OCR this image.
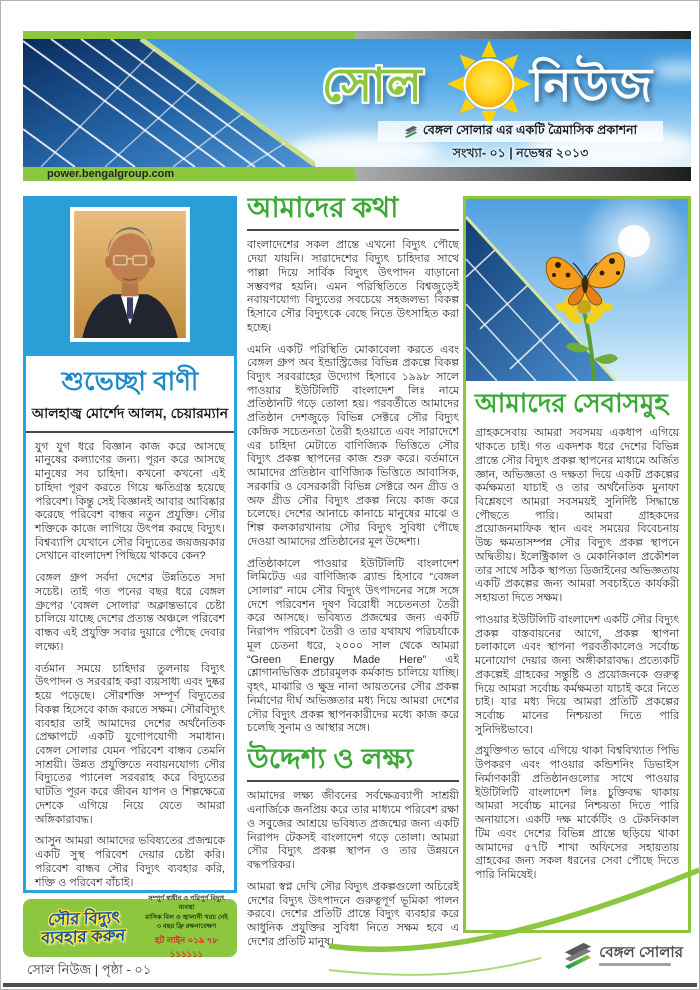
সোল নিউজ
বেঙ্গল সোলার এর একটি ত্রৈমাসিক প্রকাশনা
সংখ্যা- ০১ | নভেম্বর ২০১৩
power.bengalgroup.com
শুভেচ্ছা বাণী
আলহাজ্ব মোর্শেদ আলম, চেয়ারম্যান

যুগ যুগ ধরে বিজ্ঞান কাজ করে আসছে মানুষের কল্যাণের জন্য। পূরন করে আসছে মানুষের সব চাহিদা। কখনো কখনো এই চাহিদা পূরণ করতে গিয়ে ক্ষতিগ্রস্ত হয়েছে পরিবেশ। কিন্তু সেই বিজ্ঞানই আবার আবিষ্কার করেছে পরিবেশ বান্ধব নতুন প্রযুক্তি। সৌর শক্তিকে কাজে লাগিয়ে উৎপন্ন করছে বিদ্যুৎ। বিশ্বব্যাপি যেখানে সৌর বিদ্যুতের জয়জয়কার সেখানে বাংলাদেশ পিছিয়ে থাকবে কেন?

বেঙ্গল গ্রুপ সর্বদা দেশের উন্নতিতে সদা সচেষ্ট। তাই গত পনের বছর ধরে বেঙ্গল গ্রুপের 'বেঙ্গল সোলার' অক্লান্তভাবে চেষ্টা চালিয়ে যাচ্ছে দেশের প্রত্যন্ত অঞ্চলে পরিবেশ বান্ধব এই প্রযুক্তি সবার দুয়ারে পৌছে দেবার লক্ষ্যে।

বর্তমান সময়ে চাহিদার তুলনায় বিদ্যুৎ উৎপাদন ও সরবরাহ করা ব্যয়সাধ্য এবং দুষ্কর হয়ে পড়েছে। সৌরশক্তি সম্পূর্ণ বিদ্যুতের বিকল্প হিসেবে কাজ করতে সক্ষম। সৌরবিদ্যুৎ ব্যবহার তাই আমাদের দেশের অর্থনৈতিক প্রেক্ষাপটে একটি যুগোপযোগী সমাধান। বেঙ্গল সোলার যেমন পরিবেশ বান্ধব তেমনি সাশ্রয়ী। উন্নত প্রযুক্তিতে নবায়নযোগ্য সৌর বিদ্যুতের প্যানেল সরবরাহ করে বিদ্যুতের ঘাটতি পূরন করে জীবন যাপন ও শিল্পক্ষেত্রে দেশকে এগিয়ে নিয়ে যেতে আমরা অঙ্গিকারাবদ্ধ।

আসুন আমরা আমাদের ভবিষ্যতের প্রজন্মকে একটি সুস্থ পরিবেশ দেয়ার চেষ্টা করি। পরিবেশ বান্ধব সৌর বিদ্যুৎ ব্যবহার করি, শক্তি ও পরিবেশ বাঁচাই।

আমাদের কথা

বাংলাদেশের সকল প্রান্তে এখনো বিদ্যুৎ পৌছে দেয়া যায়নি। সারাদেশের বিদ্যুৎ চাহিদার সাথে পাল্লা দিয়ে সার্বিক বিদ্যুৎ উৎপাদন বাড়ানো সম্ভবপর হয়নি। এমন পরিস্থিতিতে বিশ্বজুড়েই নবায়ণযোগ্য বিদ্যুতের সবচেয়ে সহজলভ্য বিকল্প হিসাবে সৌর বিদ্যুৎকে বেছে নিতে উৎসাহিত করা হচ্ছে।

এমনি একটি পরিস্থিতি মোকাবেলা করতে এবং বেঙ্গল গ্রুপ অব ইন্ডাস্ট্রিজের বিভিন্ন প্রকল্পে বিকল্প বিদ্যুৎ সরবরাহের উদ্যোগ হিসাবে ১৯৯৮ সালে পাওয়ার ইউটিলিটি বাংলাদেশ লিঃ নামে প্রতিষ্ঠানটি গড়ে তোলা হয়। পরবর্তীতে আমাদের প্রতিষ্ঠান দেশজুড়ে বিভিন্ন সেক্টরে সৌর বিদ্যুৎ কেন্দ্রিক সচেতনতা তৈরী হওয়াতে এবং সারাদেশে এর চাহিদা মেটাতে বাণিজ্যিক ভিত্তিতে সৌর বিদ্যুৎ প্রকল্প স্থাপনের কাজ শুরু করে। বর্তমানে আমাদের প্রতিষ্ঠান বাণিজ্যিক ভিত্তিতে আবাসিক, সরকারি ও বেসরকারী বিভিন্ন সেক্টরে অন গ্রীড ও অফ গ্রীড সৌর বিদ্যুৎ প্রকল্প নিয়ে কাজ করে চলেছে। দেশের আনাচে কানাচে মানুষের মাঝে ও শিল্প কলকারখানায় সৌর বিদ্যুৎ সুবিধা পৌছে দেওয়া আমাদের প্রতিষ্ঠানের মূল উদ্দেশ্য।

প্রতিষ্ঠাকালে পাওয়ার ইউটিলিটি বাংলাদেশ লিমিটেড এর বাণিজ্যিক ব্র্যান্ড হিসাবে “বেঙ্গল সোলার” নামে সৌর বিদ্যুৎ উৎপাদনের সঙ্গে সঙ্গে দেশে পরিবেশন দূষণ বিরোধী সচেতনতা তৈরী করে আসছে। ভবিষ্যত প্রজন্মের জন্য একটি নিরাপদ পরিবেশ তৈরী ও তার যথাযথ পরিচর্যাকে মূল চেতনা ধরে, ২০০০ সাল থেকে আমরা “Green Energy Made Here” এই শ্লোগানভিত্তিক প্রচারমূলক কর্মকান্ড চালিয়ে যাচ্ছি। বৃহৎ, মাঝারি ও ক্ষুদ্র নানা আয়তনের সৌর প্রকল্প নির্মাণের দীর্ঘ অভিজ্ঞতার মধ্য দিয়ে আমরা দেশের সৌর বিদ্যুৎ প্রকল্প স্থাপনকারীদের মধ্যে কাজ করে চলেছি সুনাম ও আস্থার সঙ্গে।

উদ্দেশ্য ও লক্ষ্য

আমাদের লক্ষ্য জীবনের সর্বক্ষেত্রব্যাপী সাশ্রয়ী এনার্জিকে জনপ্রিয় করে তার মাধ্যমে পরিবেশ রক্ষা ও সবুজের আশ্রয়ে ভবিষ্যত প্রজন্মের জন্য একটি নিরাপদ টেকসই বাংলাদেশ গড়ে তোলা। আমরা সৌর বিদ্যুৎ প্রকল্প স্থাপন ও তার উন্নয়নে বদ্ধপরিকর।

আমরা স্বপ্ন দেখি সৌর বিদ্যুৎ প্রকল্পগুলো অচিরেই দেশের বিদ্যুৎ উৎপাদনে গুরুত্বপূর্ণ ভূমিকা পালন করবে। দেশের প্রতিটি প্রান্তে বিদ্যুৎ ব্যবহার করে আধুনিক প্রযুক্তির সুবিধা নিতে সক্ষম হবে এ দেশের প্রতিটি মানুষ।

আমাদের সেবাসমুহ

গ্রাহকসেবায় আমরা সবসময় একধাপ এগিয়ে থাকতে চাই। গত একদশক ধরে দেশের বিভিন্ন প্রান্তে সৌর বিদ্যুৎ প্রকল্প স্থাপনের মাধ্যমে অর্জিত জ্ঞান, অভিজ্ঞতা ও দক্ষতা দিয়ে একটি প্রকল্পের কর্মক্ষমতা যাচাই ও তার অর্থনৈতিক মুনাফা বিশ্লেষণে আমরা সবসময়ই সুনির্দিষ্ট সিদ্ধান্তে পৌছতে পারি। আমরা গ্রাহকদের প্রয়োজনমাফিক স্থান এবং সময়ের বিবেচনায় উচ্চ ক্ষমতাসম্পন্ন সৌর বিদ্যুৎ প্রকল্প স্থাপনে অদ্বিতীয়। ইলেক্ট্রিকাল ও মেকানিকাল প্রকৌশল তার সাথে সঠিক স্থাপত্য ডিজাইনের অভিজ্ঞতায় একটি প্রকল্পের জন্য আমরা সবচাইতে কার্যকরী সহায়তা দিতে সক্ষম।

পাওয়ার ইউটিলিটি বাংলাদেশ একটি সৌর বিদ্যুৎ প্রকল্প বাস্তবায়নের আগে, প্রকল্প স্থাপনা চলাকালে এবং স্থাপনা পরবর্তীকালেও সর্বোচ্চ মনোযোগ দেয়ার জন্য অঙ্গীকারাবদ্ধ। প্রত্যেকটি প্রকল্পেই গ্রাহকের সন্তুষ্টি ও প্রয়োজনকে গুরুত্ব দিয়ে আমরা সর্বোচ্চ কর্মক্ষমতা যাচাই করে নিতে চাই। যার মধ্য দিয়ে আমরা প্রতিটি প্রকল্পের সর্বোচ্চ মানের নিশ্চয়তা দিতে পারি সুনিদিষ্টভাবে।

প্রযুক্তিগত ভাবে এগিয়ে থাকা বিশ্ববিখ্যাত পিভি উপকরণ এবং পাওয়ার কন্ডিশনিং ডিভাইস নির্মাণকারী প্রতিষ্ঠানগুলোর সাথে পাওয়ার ইউটিলিটি বাংলাদেশ লিঃ চুক্তিবদ্ধ থাকায় আমরা সর্বোচ্চ মানের নিশ্চয়তা দিতে পারি অনায়াসে। একটি দক্ষ মার্কেটিং ও টেকনিকাল টিম এবং দেশের বিভিন্ন প্রান্তে ছড়িয়ে থাকা আমাদের ৫৭টি শাখা অফিসের সহায়তায় গ্রাহকের জন্য সকল ধরনের সেবা পৌছে দিতে পারি নিমিষেই।

সৌর বিদ্যুৎ
ব্যবহার করুন
সম্পূর্ণ স্বাধীন ও পরিপূর্ণ বিদ্যুৎ ব্যবস্থা
মাসিক বিল ও জ্বালানী খরচ নেই
৩ বছর ফ্রি রক্ষনাবেক্ষণ
হট লাইন ০১৯ ৭৮ ১১১১১১
সোল নিউজ | পৃষ্ঠা - ০১
বেঙ্গল সোলার
